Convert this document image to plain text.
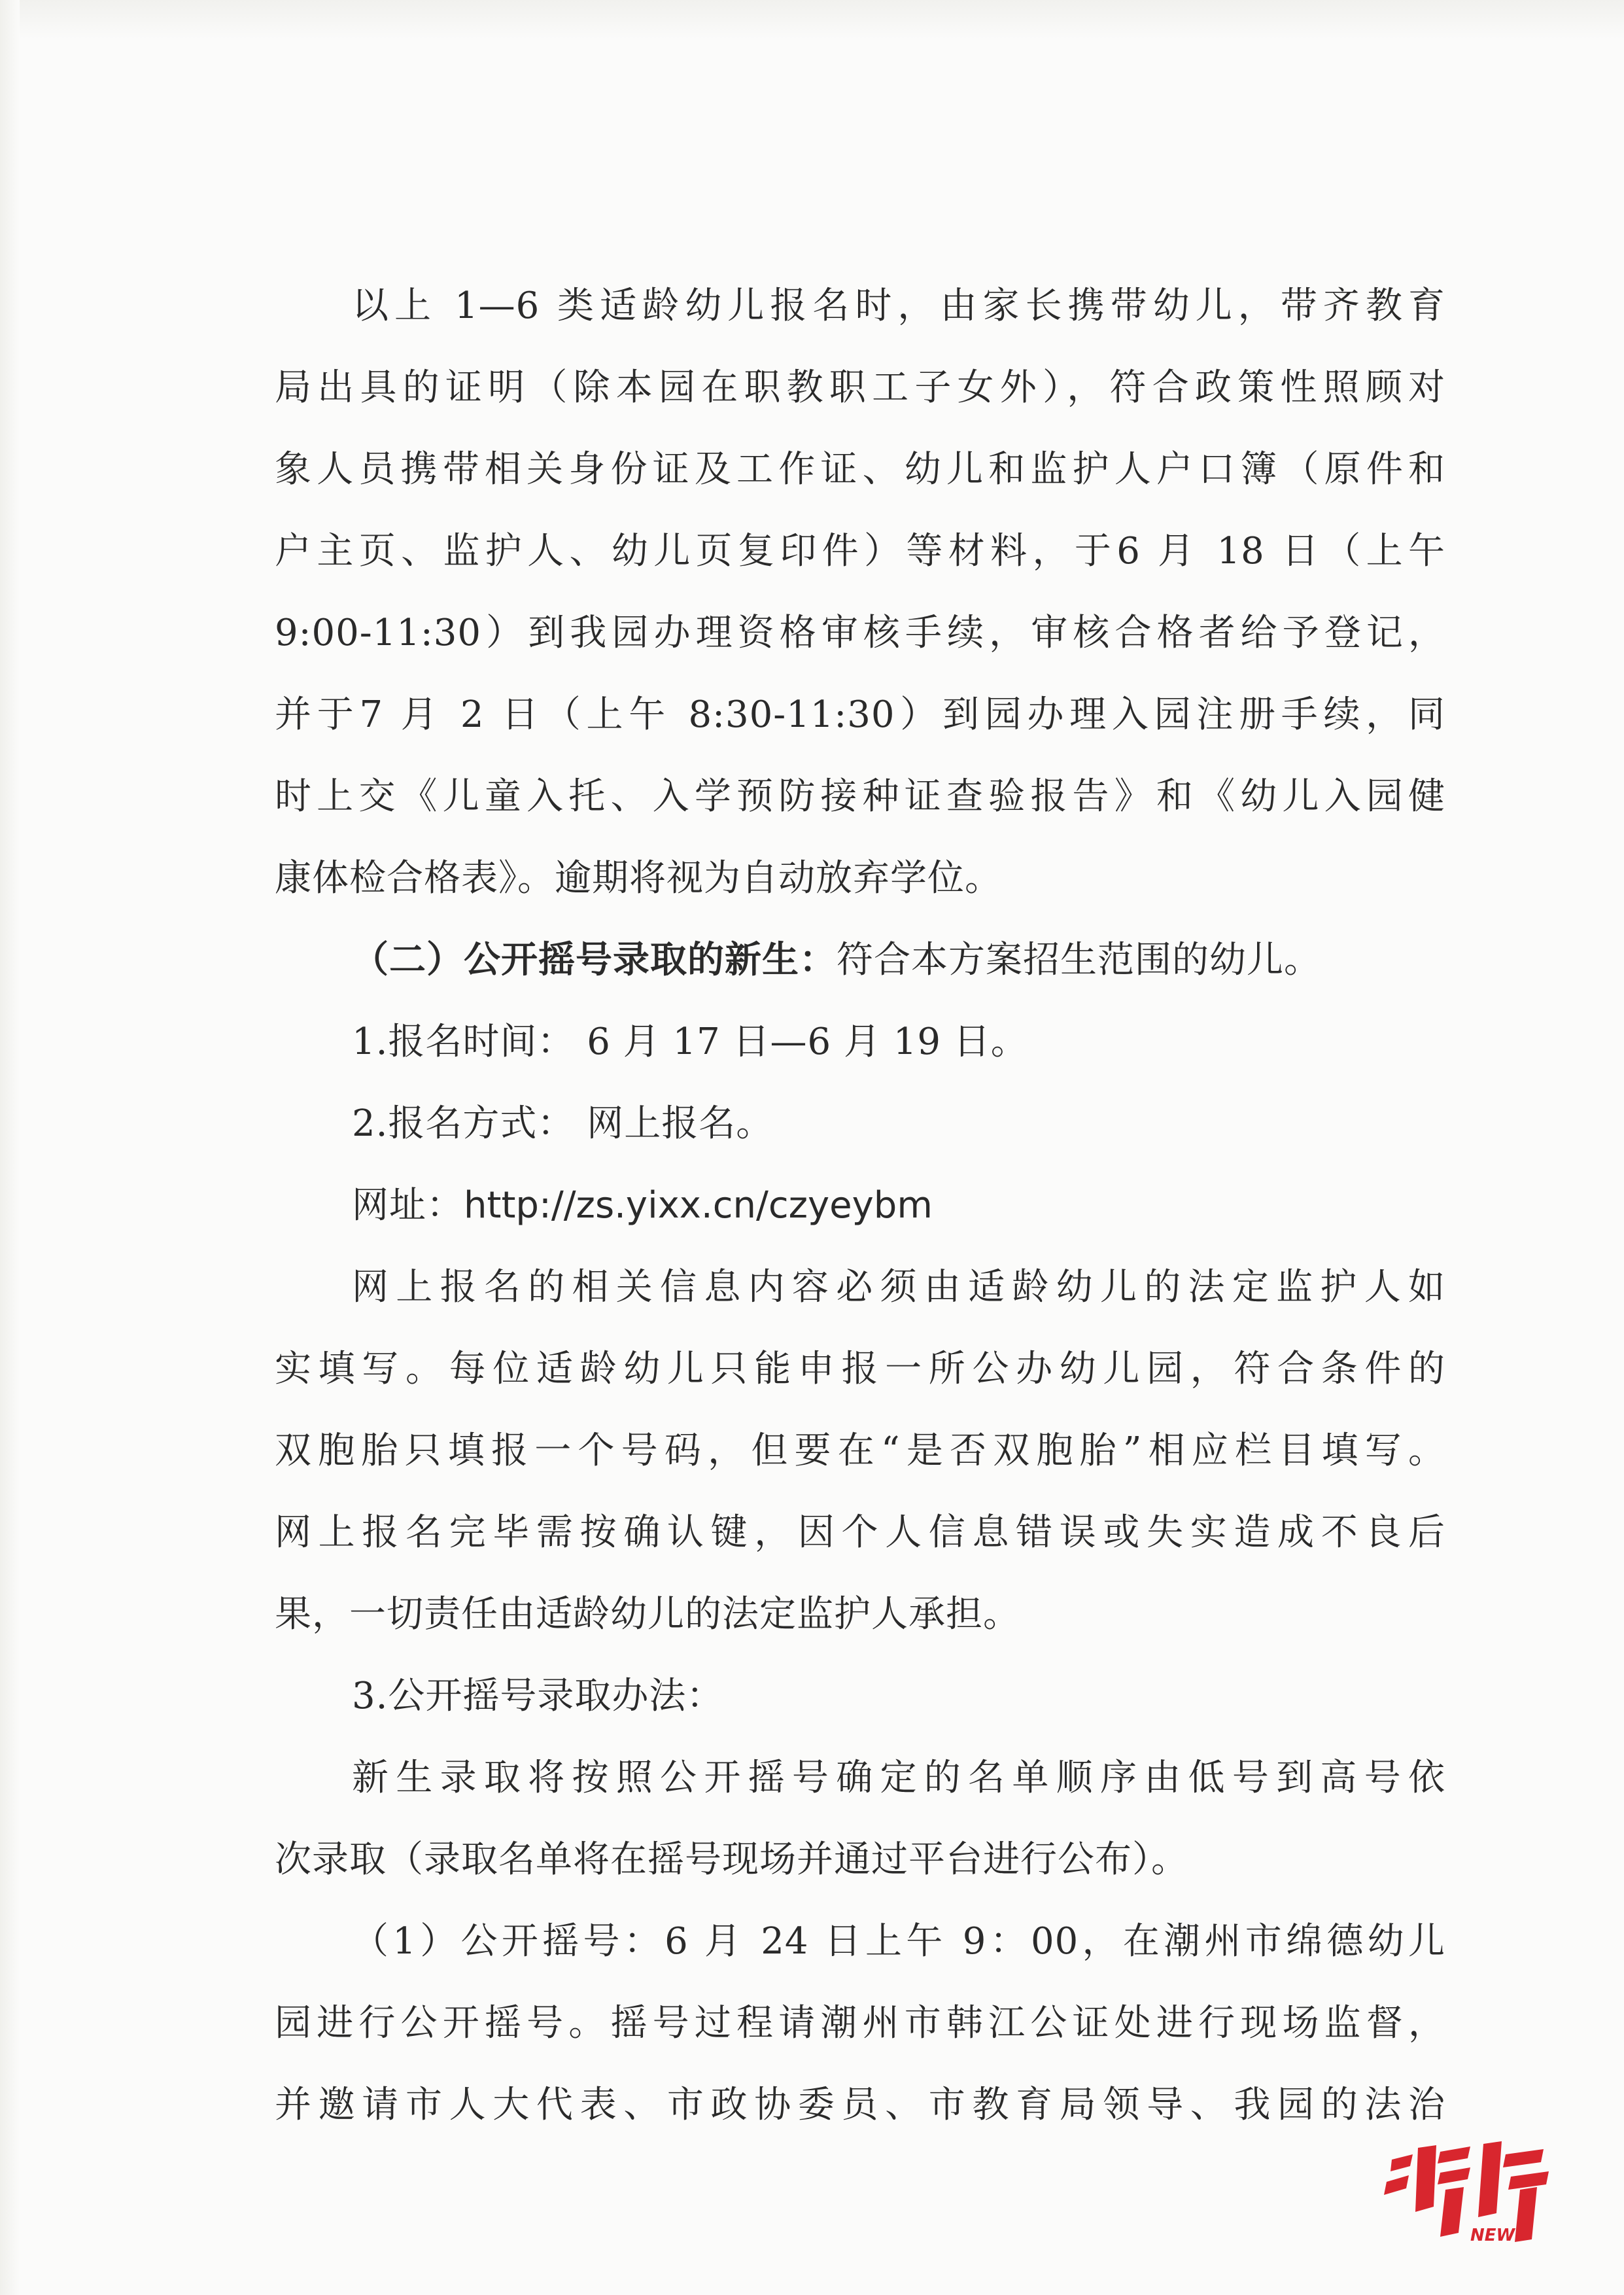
以上 1—6 类适龄幼儿报名时，由家长携带幼儿，带齐教育
局出具的证明（除本园在职教职工子女外），符合政策性照顾对
象人员携带相关身份证及工作证、幼儿和监护人户口簿（原件和
户主页、监护人、幼儿页复印件）等材料，于6 月 18 日（上午
9:00-11:30）到我园办理资格审核手续，审核合格者给予登记，
并于7 月 2 日（上午 8:30-11:30）到园办理入园注册手续，同
时上交《儿童入托、入学预防接种证查验报告》和《幼儿入园健
康体检合格表》。逾期将视为自动放弃学位。
（二）公开摇号录取的新生：符合本方案招生范围的幼儿。
1.报名时间： 6 月 17 日—6 月 19 日。
2.报名方式： 网上报名。
网址：http://zs.yixx.cn/czyeybm
网上报名的相关信息内容必须由适龄幼儿的法定监护人如
实填写。每位适龄幼儿只能申报一所公办幼儿园，符合条件的
双胞胎只填报一个号码，但要在“是否双胞胎”相应栏目填写。
网上报名完毕需按确认键，因个人信息错误或失实造成不良后
果，一切责任由适龄幼儿的法定监护人承担。
3.公开摇号录取办法：
新生录取将按照公开摇号确定的名单顺序由低号到高号依
次录取（录取名单将在摇号现场并通过平台进行公布）。
（1）公开摇号：6 月 24 日上午 9：00，在潮州市绵德幼儿
园进行公开摇号。摇号过程请潮州市韩江公证处进行现场监督，
并邀请市人大代表、市政协委员、市教育局领导、我园的法治
NEWS
